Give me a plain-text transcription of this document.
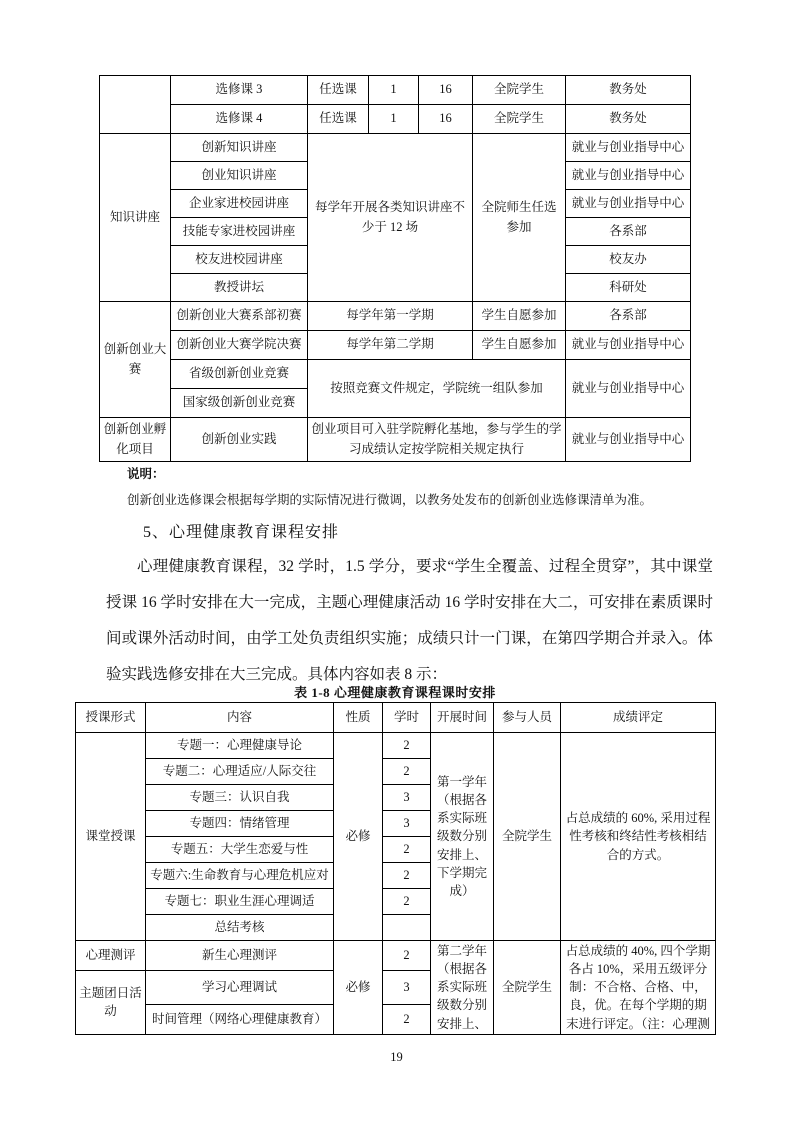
	选修课 3	任选课	1	16	全院学生	教务处
	选修课 4	任选课	1	16	全院学生	教务处
知识讲座	创新知识讲座	每学年开展各类知识讲座不少于 12 场			全院师生任选参加	就业与创业指导中心
	创业知识讲座					就业与创业指导中心
	企业家进校园讲座					就业与创业指导中心
	技能专家进校园讲座					各系部
	校友进校园讲座					校友办
	教授讲坛					科研处
创新创业大赛	创新创业大赛系部初赛	每学年第一学期			学生自愿参加	各系部
	创新创业大赛学院决赛	每学年第二学期			学生自愿参加	就业与创业指导中心
	省级创新创业竞赛	按照竞赛文件规定，学院统一组队参加				就业与创业指导中心
	国家级创新创业竞赛					
创新创业孵化项目	创新创业实践	创业项目可入驻学院孵化基地，参与学生的学习成绩认定按学院相关规定执行				就业与创业指导中心
说明：
创新创业选修课会根据每学期的实际情况进行微调，以教务处发布的创新创业选修课清单为准。
5、心理健康教育课程安排
心理健康教育课程，32 学时，1.5 学分，要求“学生全覆盖、过程全贯穿”，其中课堂授课 16 学时安排在大一完成，主题心理健康活动 16 学时安排在大二，可安排在素质课时间或课外活动时间，由学工处负责组织实施；成绩只计一门课，在第四学期合并录入。体验实践选修安排在大三完成。具体内容如表 8 示：
表 1-8 心理健康教育课程课时安排
授课形式	内容	性质	学时	开展时间	参与人员	成绩评定
课堂授课	专题一：心理健康导论	必修	2	第一学年（根据各系实际班级数分别安排上、下学期完成）	全院学生	占总成绩的 60%, 采用过程性考核和终结性考核相结合的方式。
	专题二：心理适应/人际交往		2			
	专题三：认识自我		3			
	专题四：情绪管理		3			
	专题五：大学生恋爱与性		2			
	专题六:生命教育与心理危机应对		2			
	专题七：职业生涯心理调适		2			
	总结考核					
心理测评	新生心理测评	必修	2	第二学年（根据各系实际班级数分别安排上、	全院学生	占总成绩的 40%, 四个学期各占 10%，采用五级评分制：不合格、合格、中，良，优。在每个学期的期末进行评定。（注：心理测
主题团日活动	学习心理调试		3			
	时间管理（网络心理健康教育）		2			
19
